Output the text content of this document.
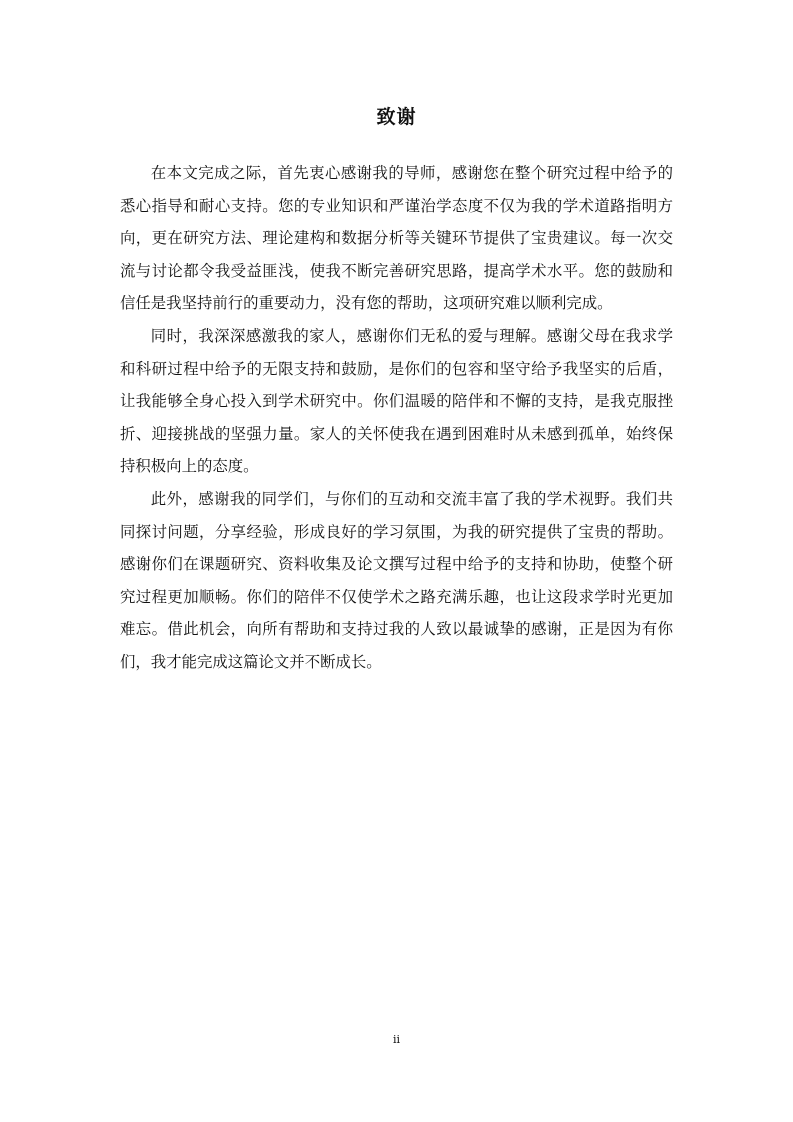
致谢

在本文完成之际，首先衷心感谢我的导师，感谢您在整个研究过程中给予的悉心指导和耐心支持。您的专业知识和严谨治学态度不仅为我的学术道路指明方向，更在研究方法、理论建构和数据分析等关键环节提供了宝贵建议。每一次交流与讨论都令我受益匪浅，使我不断完善研究思路，提高学术水平。您的鼓励和信任是我坚持前行的重要动力，没有您的帮助，这项研究难以顺利完成。

同时，我深深感激我的家人，感谢你们无私的爱与理解。感谢父母在我求学和科研过程中给予的无限支持和鼓励，是你们的包容和坚守给予我坚实的后盾，让我能够全身心投入到学术研究中。你们温暖的陪伴和不懈的支持，是我克服挫折、迎接挑战的坚强力量。家人的关怀使我在遇到困难时从未感到孤单，始终保持积极向上的态度。

此外，感谢我的同学们，与你们的互动和交流丰富了我的学术视野。我们共同探讨问题，分享经验，形成良好的学习氛围，为我的研究提供了宝贵的帮助。感谢你们在课题研究、资料收集及论文撰写过程中给予的支持和协助，使整个研究过程更加顺畅。你们的陪伴不仅使学术之路充满乐趣，也让这段求学时光更加难忘。借此机会，向所有帮助和支持过我的人致以最诚挚的感谢，正是因为有你们，我才能完成这篇论文并不断成长。

ii
